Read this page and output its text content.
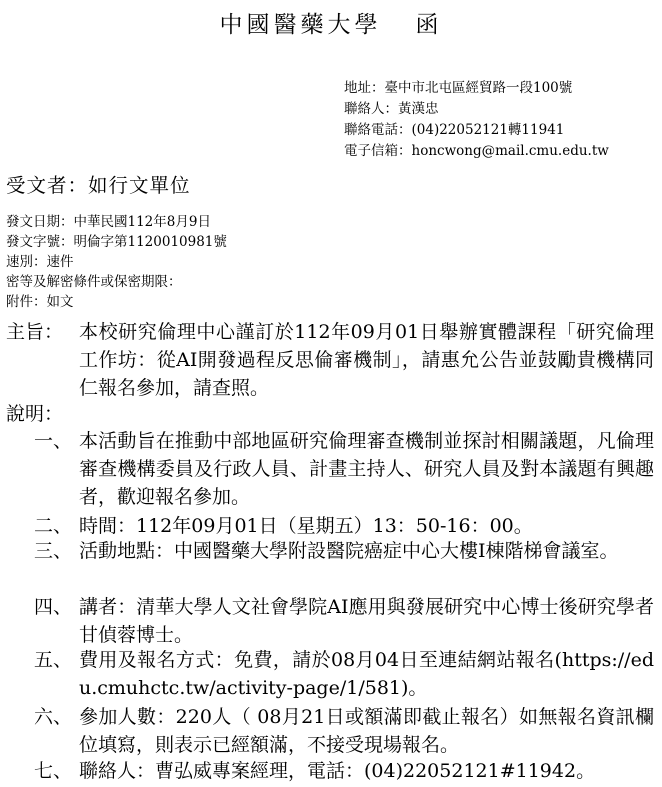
中國醫藥大學 函
地址：臺中市北屯區經貿路一段100號
聯絡人：黃漢忠
聯絡電話：(04)22052121轉11941
電子信箱：honcwong@mail.cmu.edu.tw
受文者：如行文單位
發文日期：中華民國112年8月9日
發文字號：明倫字第1120010981號
速別：速件
密等及解密條件或保密期限：
附件：如文
主旨： 本校研究倫理中心謹訂於112年09月01日舉辦實體課程「研究倫理工作坊：從AI開發過程反思倫審機制」，請惠允公告並鼓勵貴機構同仁報名參加，請查照。
說明：
一、 本活動旨在推動中部地區研究倫理審查機制並探討相關議題，凡倫理審查機構委員及行政人員、計畫主持人、研究人員及對本議題有興趣者，歡迎報名參加。
二、 時間：112年09月01日（星期五）13：50-16：00。
三、 活動地點：中國醫藥大學附設醫院癌症中心大樓I棟階梯會議室。
四、 講者：清華大學人文社會學院AI應用與發展研究中心博士後研究學者甘偵蓉博士。
五、 費用及報名方式：免費，請於08月04日至連結網站報名(https://edu.cmuhctc.tw/activity-page/1/581)。
六、 參加人數：220人（ 08月21日或額滿即截止報名）如無報名資訊欄位填寫，則表示已經額滿，不接受現場報名。
七、 聯絡人：曹弘威專案經理，電話：(04)22052121#11942。
